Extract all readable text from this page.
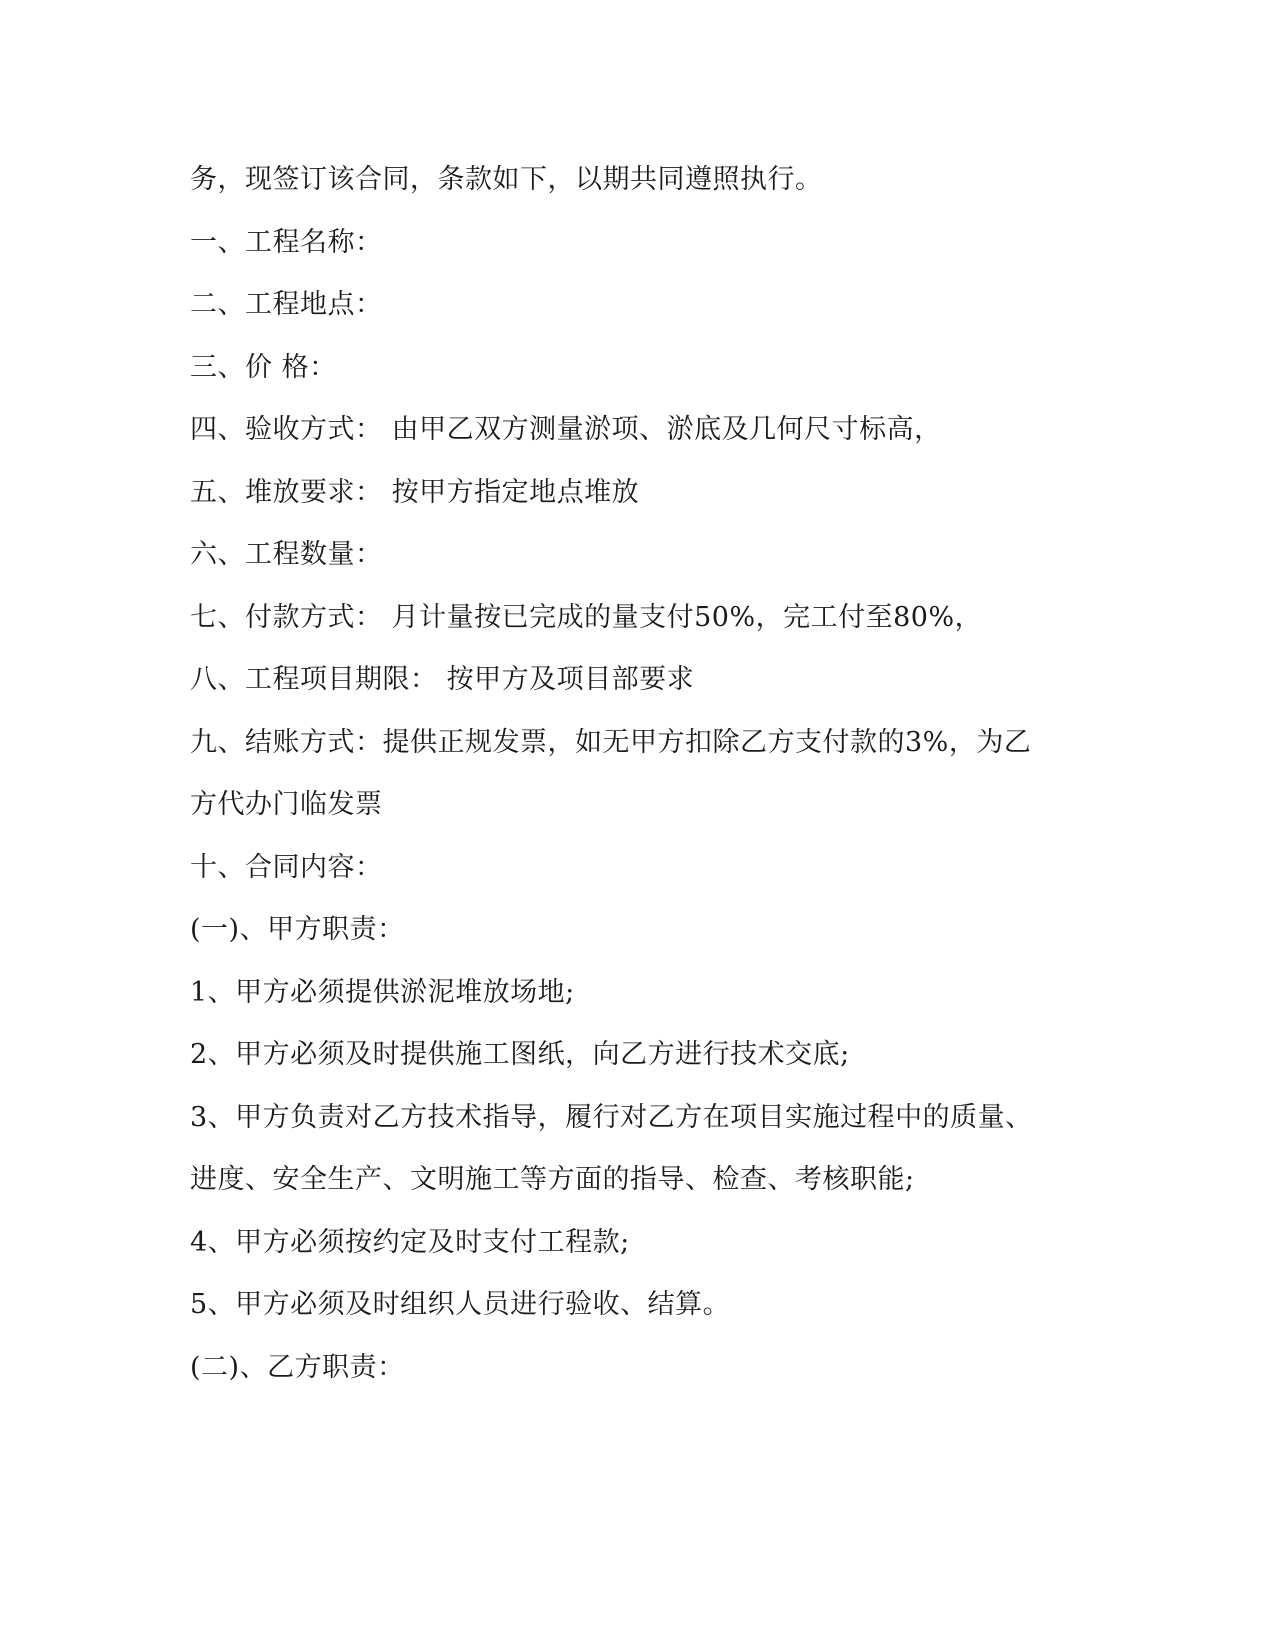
务，现签订该合同，条款如下，以期共同遵照执行。
一、工程名称：
二、工程地点：
三、价 格：
四、验收方式： 由甲乙双方测量淤项、淤底及几何尺寸标高，
五、堆放要求： 按甲方指定地点堆放
六、工程数量：
七、付款方式： 月计量按已完成的量支付50%，完工付至80%，
八、工程项目期限： 按甲方及项目部要求
九、结账方式：提供正规发票，如无甲方扣除乙方支付款的3%，为乙
方代办门临发票
十、合同内容：
(一)、甲方职责：
1、甲方必须提供淤泥堆放场地;
2、甲方必须及时提供施工图纸，向乙方进行技术交底;
3、甲方负责对乙方技术指导，履行对乙方在项目实施过程中的质量、
进度、安全生产、文明施工等方面的指导、检查、考核职能;
4、甲方必须按约定及时支付工程款;
5、甲方必须及时组织人员进行验收、结算。
(二)、乙方职责：
